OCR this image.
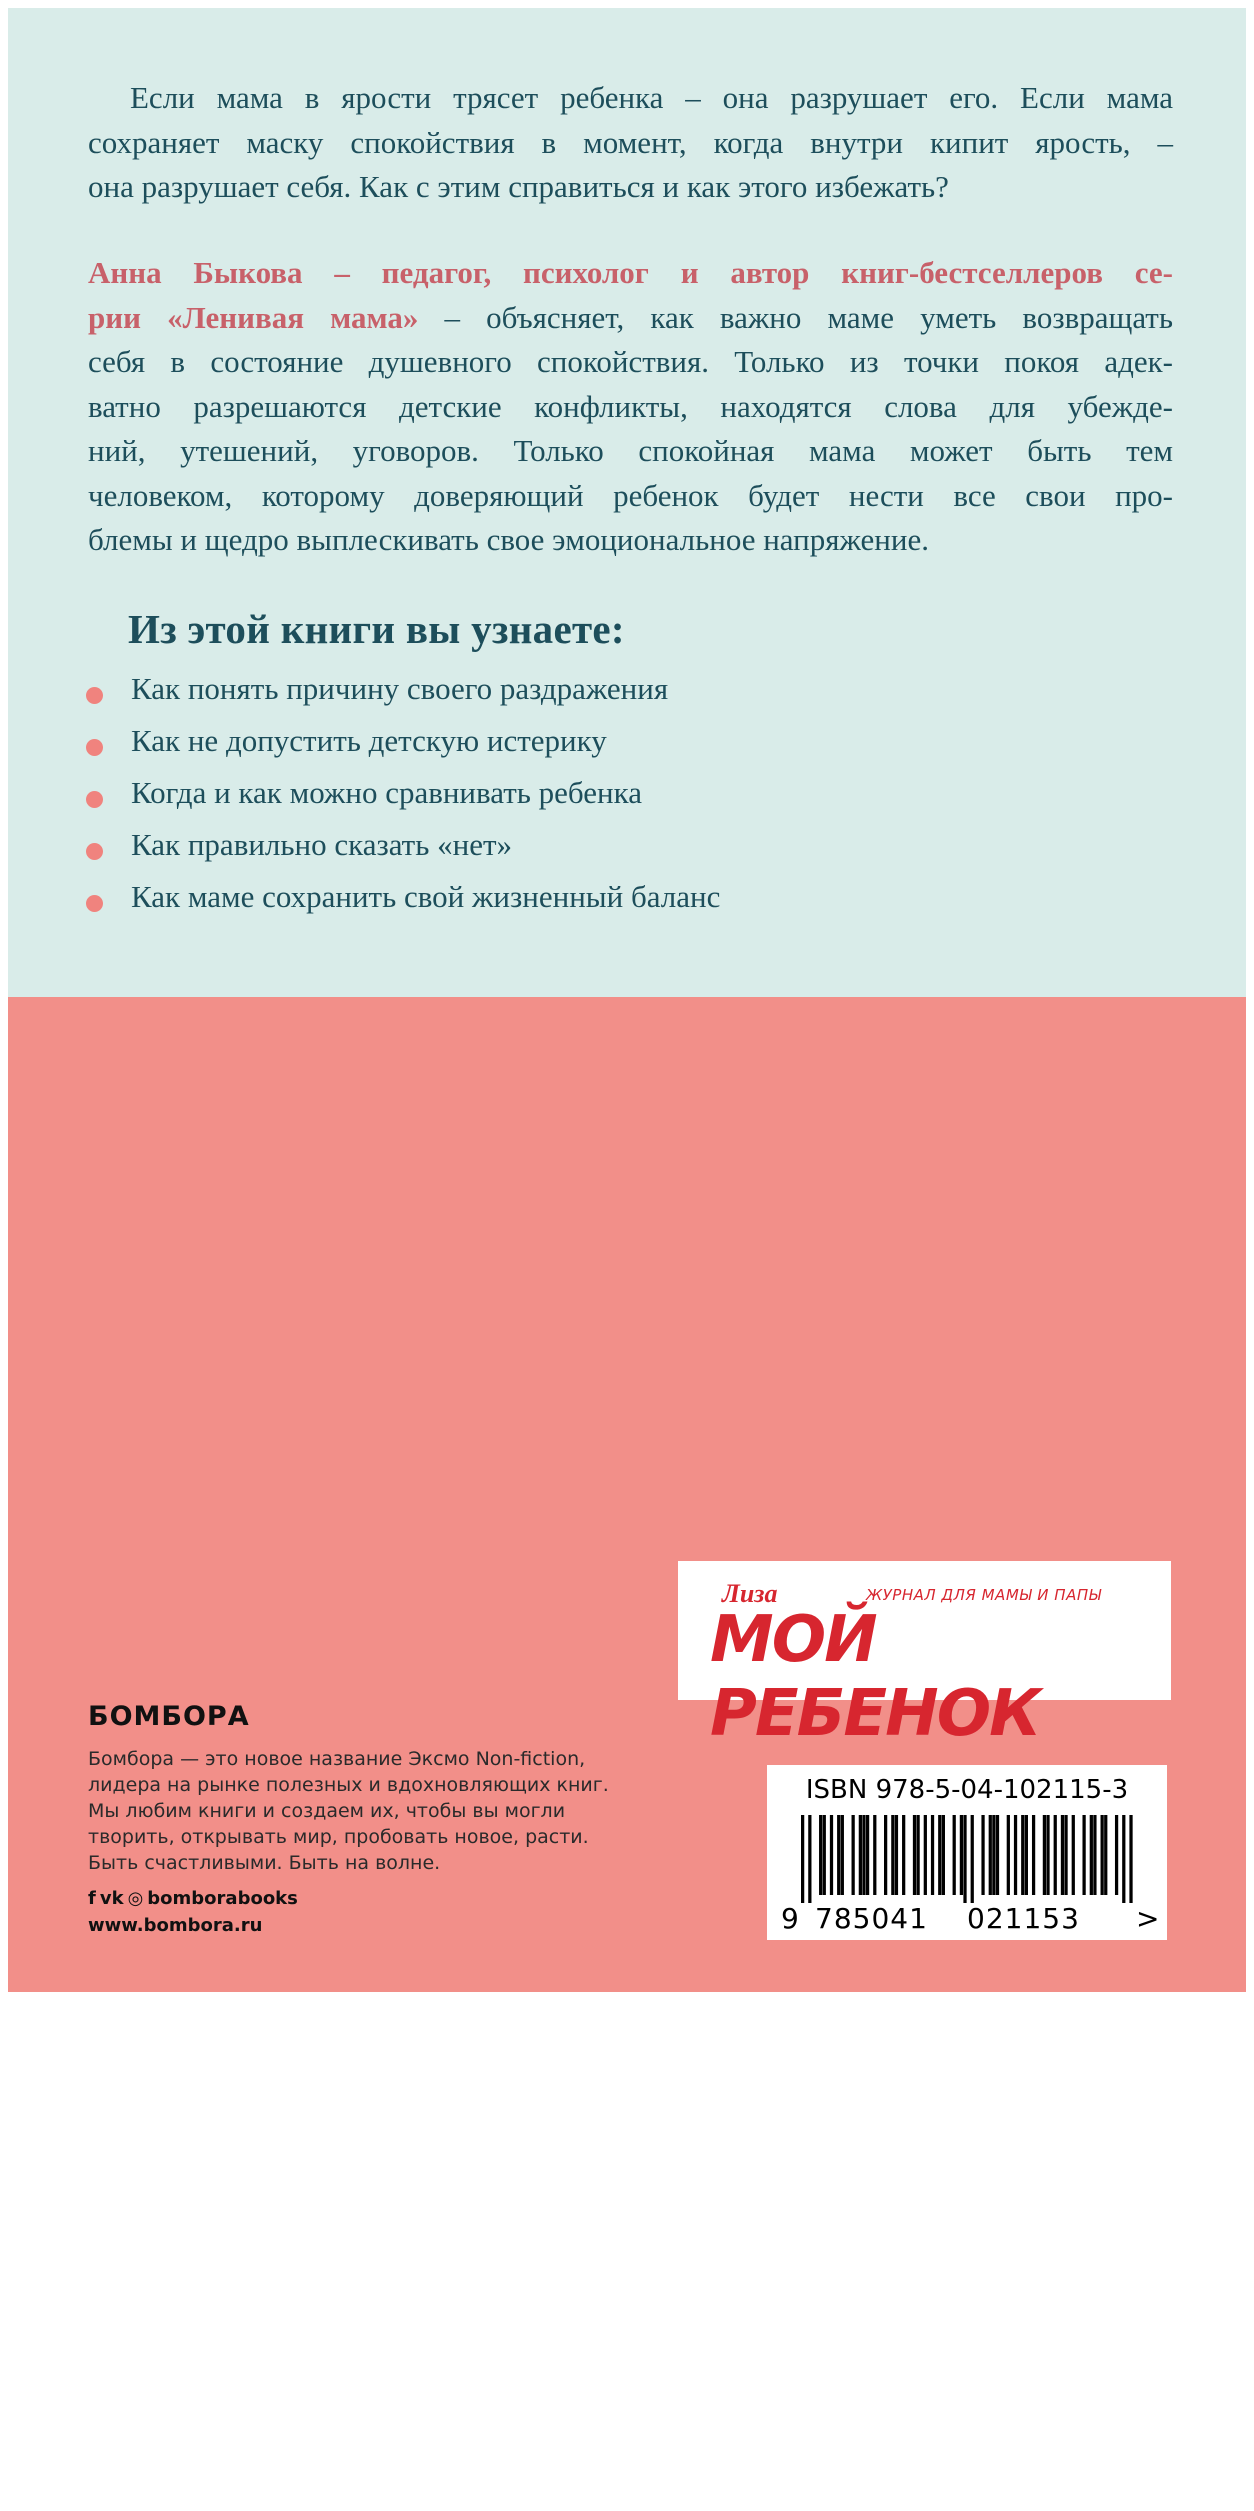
Если мама в ярости трясет ребенка – она разрушает его. Если мама
сохраняет маску спокойствия в момент, когда внутри кипит ярость, –
она разрушает себя. Как с этим справиться и как этого избежать?
Анна Быкова – педагог, психолог и автор книг-бестселлеров се-
рии «Ленивая мама» – объясняет, как важно маме уметь возвращать
себя в состояние душевного спокойствия. Только из точки покоя адек-
ватно разрешаются детские конфликты, находятся слова для убежде-
ний, утешений, уговоров. Только спокойная мама может быть тем
человеком, которому доверяющий ребенок будет нести все свои про-
блемы и щедро выплескивать свое эмоциональное напряжение.
Из этой книги вы узнаете:
Как понять причину своего раздражения
Как не допустить детскую истерику
Когда и как можно сравнивать ребенка
Как правильно сказать «нет»
Как маме сохранить свой жизненный баланс
«Как часто мамы обращаются к психологам с просьбой помочь
им стать спокойнее. Они мучительно переживают из-за того,
что не смогли сдержаться и сорвались на ребенка. Или сдер-
жались, но не победили внутреннее раздражение. Что же де-
лать? В новой книге Анны Быковой вы найдете ответы на эти
и многие другие важные для родителей вопросы».
Елена Гируцкая,
главный редактор журнала
«Лиза. Мой ребенок»
Лиза	ЖУРНАЛ ДЛЯ МАМЫ И ПАПЫ
МОЙ РЕБЕНОК
БОМБОРА
Бомбора — это новое название Эксмо Non-fiction,
лидера на рынке полезных и вдохновляющих книг.
Мы любим книги и создаем их, чтобы вы могли
творить, открывать мир, пробовать новое, расти.
Быть счастливыми. Быть на волне.
f vk ◎ bomborabooks
www.bombora.ru
ISBN 978-5-04-102115-3
9 785041 021153 >
